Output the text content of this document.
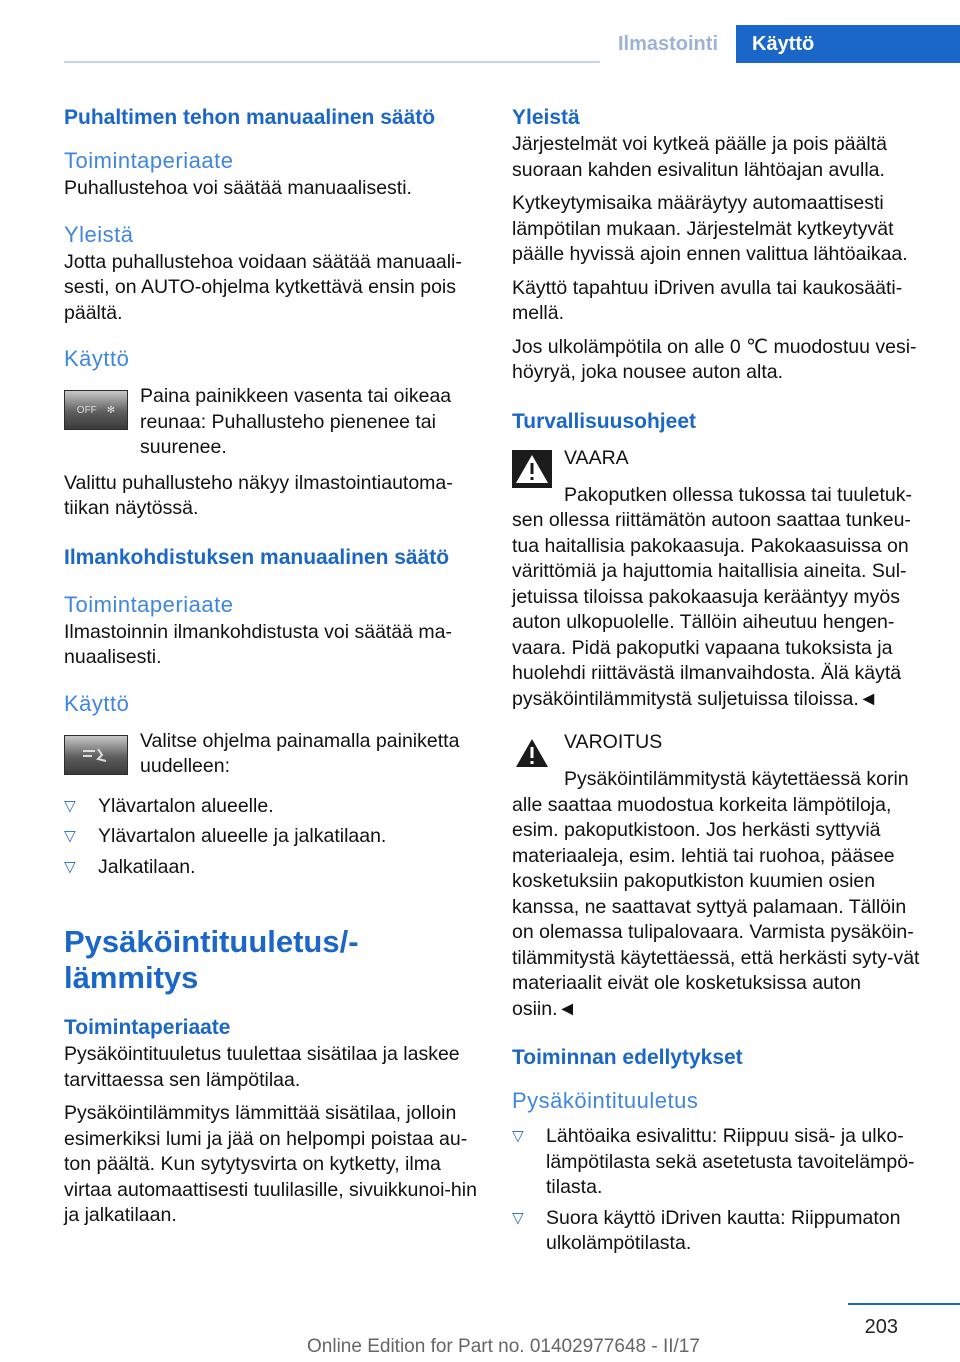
Ilmastointi	Käyttö
Puhaltimen tehon manuaalinen säätö
Toimintaperiaate

Puhallustehoa voi säätää manuaalisesti.

Yleistä

Jotta puhallustehoa voidaan säätää manuaali-sesti, on AUTO-ohjelma kytkettävä ensin pois päältä.

Käyttö
OFF ✻

Paina painikkeen vasenta tai oikeaa reunaa: Puhallusteho pienenee tai suurenee.

Valittu puhallusteho näkyy ilmastointiautoma-tiikan näytössä.

Ilmankohdistuksen manuaalinen säätö
Toimintaperiaate

Ilmastoinnin ilmankohdistusta voi säätää ma-nuaalisesti.

Käyttö

Valitse ohjelma painamalla painiketta uudelleen:

▷ Ylävartalon alueelle.
▷ Ylävartalon alueelle ja jalkatilaan.
▷ Jalkatilaan.
Pysäköintituuletus/-lämmitys
Toimintaperiaate

Pysäköintituuletus tuulettaa sisätilaa ja laskee tarvittaessa sen lämpötilaa.

Pysäköintilämmitys lämmittää sisätilaa, jolloin esimerkiksi lumi ja jää on helpompi poistaa au-ton päältä. Kun sytytysvirta on kytketty, ilma virtaa automaattisesti tuulilasille, sivuikkunoi-hin ja jalkatilaan.

Yleistä

Järjestelmät voi kytkeä päälle ja pois päältä suoraan kahden esivalitun lähtöajan avulla.

Kytkeytymisaika määräytyy automaattisesti lämpötilan mukaan. Järjestelmät kytkeytyvät päälle hyvissä ajoin ennen valittua lähtöaikaa.

Käyttö tapahtuu iDriven avulla tai kaukosääti-mellä.

Jos ulkolämpötila on alle 0 ℃ muodostuu vesi-höyryä, joka nousee auton alta.

Turvallisuusohjeet

VAARA

Pakoputken ollessa tukossa tai tuuletuk-sen ollessa riittämätön autoon saattaa tunkeu-tua haitallisia pakokaasuja. Pakokaasuissa on värittömiä ja hajuttomia haitallisia aineita. Sul-jetuissa tiloissa pakokaasuja kerääntyy myös auton ulkopuolelle. Tällöin aiheutuu hengen-vaara. Pidä pakoputki vapaana tukoksista ja huolehdi riittävästä ilmanvaihdosta. Älä käytä pysäköintilämmitystä suljetuissa tiloissa.◄

VAROITUS

Pysäköintilämmitystä käytettäessä korin alle saattaa muodostua korkeita lämpötiloja, esim. pakoputkistoon. Jos herkästi syttyviä materiaaleja, esim. lehtiä tai ruohoa, pääsee kosketuksiin pakoputkiston kuumien osien kanssa, ne saattavat syttyä palamaan. Tällöin on olemassa tulipalovaara. Varmista pysäköin-tilämmitystä käytettäessä, että herkästi syty-vät materiaalit eivät ole kosketuksissa auton osiin.◄

Toiminnan edellytykset
Pysäköintituuletus
▷ Lähtöaika esivalittu: Riippuu sisä- ja ulko-lämpötilasta sekä asetetusta tavoitelämpö-tilasta.
▷ Suora käyttö iDriven kautta: Riippumaton ulkolämpötilasta.
203
Online Edition for Part no. 01402977648 - II/17
